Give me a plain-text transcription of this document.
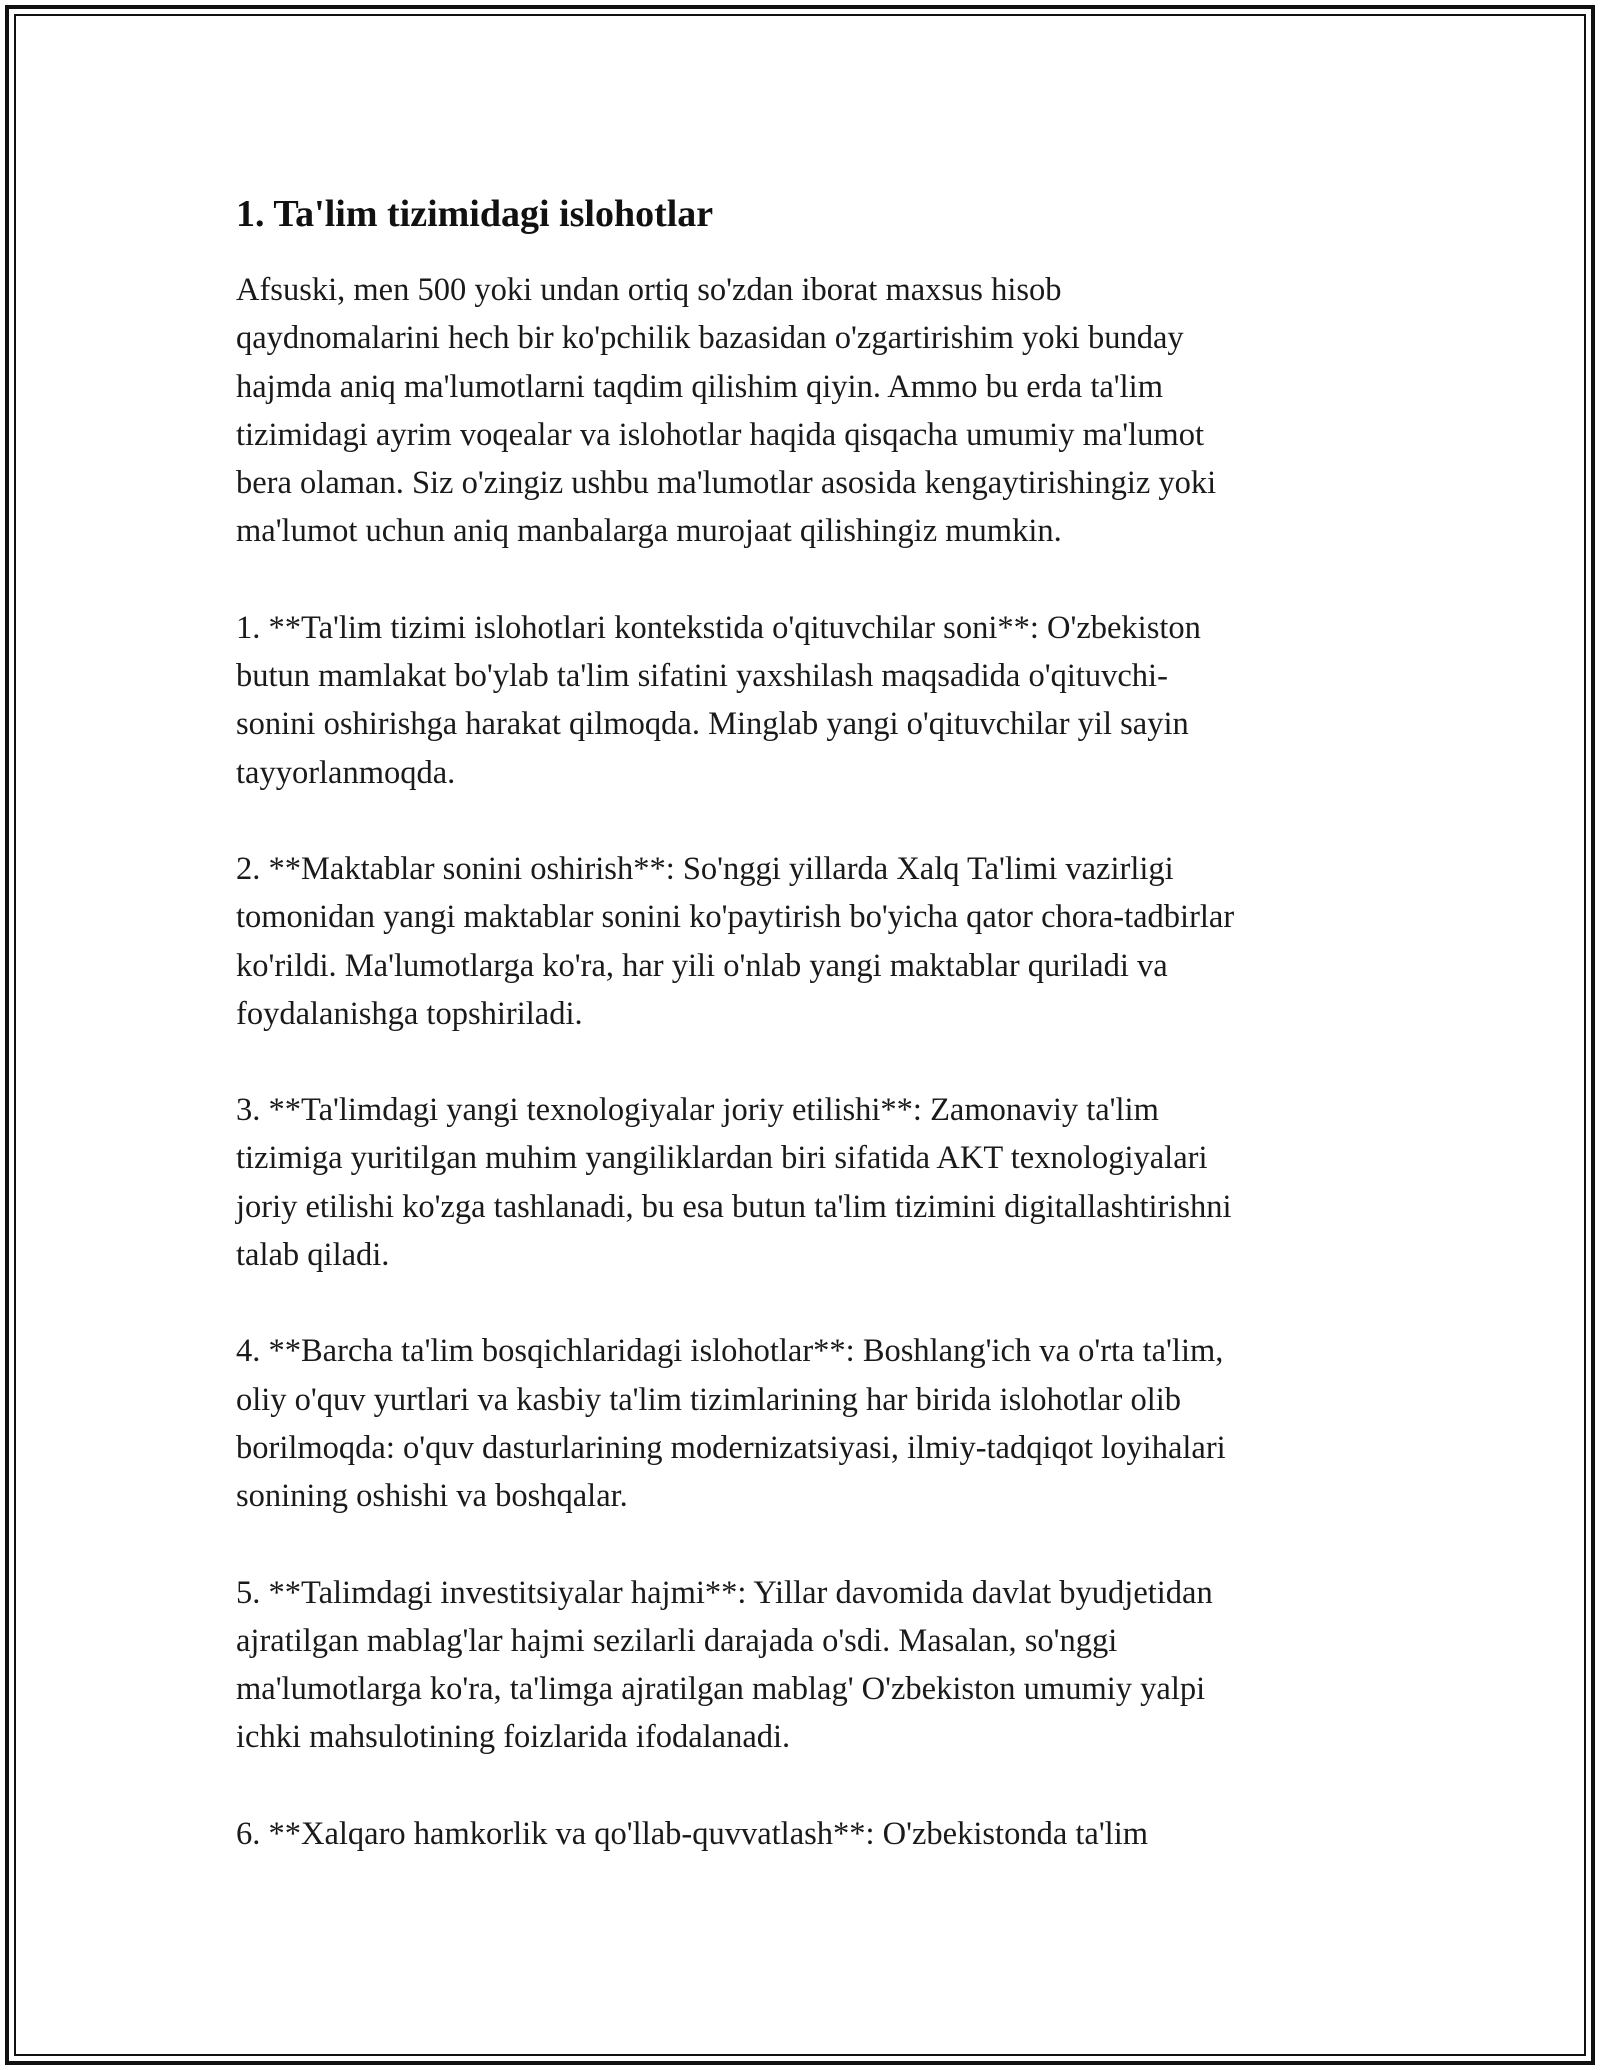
1. Ta'lim tizimidagi islohotlar
Afsuski, men 500 yoki undan ortiq so'zdan iborat maxsus hisob
qaydnomalarini hech bir ko'pchilik bazasidan o'zgartirishim yoki bunday
hajmda aniq ma'lumotlarni taqdim qilishim qiyin. Ammo bu erda ta'lim
tizimidagi ayrim voqealar va islohotlar haqida qisqacha umumiy ma'lumot
bera olaman. Siz o'zingiz ushbu ma'lumotlar asosida kengaytirishingiz yoki
ma'lumot uchun aniq manbalarga murojaat qilishingiz mumkin.
1. **Ta'lim tizimi islohotlari kontekstida o'qituvchilar soni**: O'zbekiston
butun mamlakat bo'ylab ta'lim sifatini yaxshilash maqsadida o'qituvchi-
sonini oshirishga harakat qilmoqda. Minglab yangi o'qituvchilar yil sayin
tayyorlanmoqda.
2. **Maktablar sonini oshirish**: So'nggi yillarda Xalq Ta'limi vazirligi
tomonidan yangi maktablar sonini ko'paytirish bo'yicha qator chora-tadbirlar
ko'rildi. Ma'lumotlarga ko'ra, har yili o'nlab yangi maktablar quriladi va
foydalanishga topshiriladi.
3. **Ta'limdagi yangi texnologiyalar joriy etilishi**: Zamonaviy ta'lim
tizimiga yuritilgan muhim yangiliklardan biri sifatida AKT texnologiyalari
joriy etilishi ko'zga tashlanadi, bu esa butun ta'lim tizimini digitallashtirishni
talab qiladi.
4. **Barcha ta'lim bosqichlaridagi islohotlar**: Boshlang'ich va o'rta ta'lim,
oliy o'quv yurtlari va kasbiy ta'lim tizimlarining har birida islohotlar olib
borilmoqda: o'quv dasturlarining modernizatsiyasi, ilmiy-tadqiqot loyihalari
sonining oshishi va boshqalar.
5. **Talimdagi investitsiyalar hajmi**: Yillar davomida davlat byudjetidan
ajratilgan mablag'lar hajmi sezilarli darajada o'sdi. Masalan, so'nggi
ma'lumotlarga ko'ra, ta'limga ajratilgan mablag' O'zbekiston umumiy yalpi
ichki mahsulotining foizlarida ifodalanadi.
6. **Xalqaro hamkorlik va qo'llab-quvvatlash**: O'zbekistonda ta'lim
